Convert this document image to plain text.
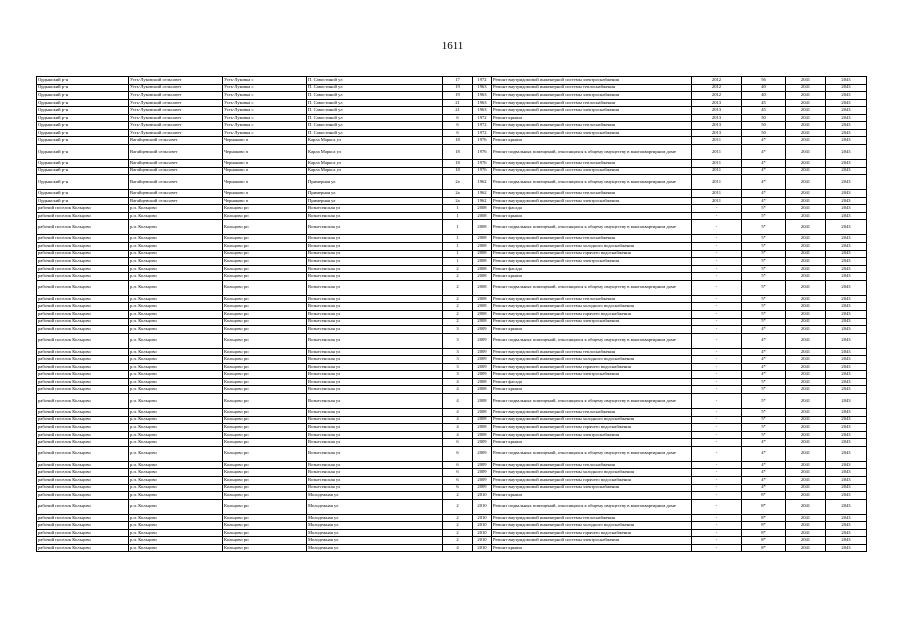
1611
Ордынский р-н	Усть-Луковский сельсовет	Усть-Луковка с	П. Савостиной ул	17	1972	Ремонт внутридомовой инженерной системы электроснабжения	2012	56	2041	2043
Ордынский р-н	Усть-Луковский сельсовет	Усть-Луковка с	П. Савостиной ул	19	1963	Ремонт внутридомовой инженерной системы теплоснабжения	2012	40	2041	2043
Ордынский р-н	Усть-Луковский сельсовет	Усть-Луковка с	П. Савостиной ул	19	1963	Ремонт внутридомовой инженерной системы электроснабжения	2012	40	2041	2043
Ордынский р-н	Усть-Луковский сельсовет	Усть-Луковка с	П. Савостиной ул	21	1963	Ремонт внутридомовой инженерной системы теплоснабжения	2013	45	2041	2043
Ордынский р-н	Усть-Луковский сельсовет	Усть-Луковка с	П. Савостиной ул	21	1963	Ремонт внутридомовой инженерной системы электроснабжения	2013	45	2041	2043
Ордынский р-н	Усть-Луковский сельсовет	Усть-Луковка с	П. Савостиной ул	6	1972	Ремонт крыши	2013	50	2041	2043
Ордынский р-н	Усть-Луковский сельсовет	Усть-Луковка с	П. Савостиной ул	6	1972	Ремонт внутридомовой инженерной системы теплоснабжения	2013	50	2041	2043
Ордынский р-н	Усть-Луковский сельсовет	Усть-Луковка с	П. Савостиной ул	6	1972	Ремонт внутридомовой инженерной системы электроснабжения	2013	50	2041	2043
Ордынский р-н	Вагайцевский сельсовет	Чернаково п	Карла Маркса ул	18	1976	Ремонт крыши	2011	4*	2041	2043
Ордынский р-н	Вагайцевский сельсовет	Чернаково п	Карла Маркса ул	18	1976	Ремонт подвальных помещений, относящихся к общему имуществу в многоквартирном доме	2011	4*	2041	2043
Ордынский р-н	Вагайцевский сельсовет	Чернаково п	Карла Маркса ул	18	1976	Ремонт внутридомовой инженерной системы теплоснабжения	2011	4*	2041	2043
Ордынский р-н	Вагайцевский сельсовет	Чернаково п	Карла Маркса ул	18	1976	Ремонт внутридомовой инженерной системы электроснабжения	2011	4*	2041	2043
Ордынский р-н	Вагайцевский сельсовет	Чернаково п	Примерная ул	2а	1962	Ремонт подвальных помещений, относящихся к общему имуществу в многоквартирном доме	2011	4*	2041	2043
Ордынский р-н	Вагайцевский сельсовет	Чернаково п	Примерная ул	2а	1962	Ремонт внутридомовой инженерной системы теплоснабжения	2011	4*	2041	2043
Ордынский р-н	Вагайцевский сельсовет	Чернаково п	Примерная ул	2а	1962	Ремонт внутридомовой инженерной системы электроснабжения	2011	4*	2041	2043
рабочий поселок Кольцово	р.п. Кольцово	Кольцово рп	Вознесенская ул	1	2008	Ремонт фасада	-	5*	2041	2043
рабочий поселок Кольцово	р.п. Кольцово	Кольцово рп	Вознесенская ул	1	2008	Ремонт крыши	-	5*	2041	2043
рабочий поселок Кольцово	р.п. Кольцово	Кольцово рп	Вознесенская ул	1	2008	Ремонт подвальных помещений, относящихся к общему имуществу в многоквартирном доме	-	5*	2041	2043
рабочий поселок Кольцово	р.п. Кольцово	Кольцово рп	Вознесенская ул	1	2008	Ремонт внутридомовой инженерной системы теплоснабжения	-	5*	2041	2043
рабочий поселок Кольцово	р.п. Кольцово	Кольцово рп	Вознесенская ул	1	2008	Ремонт внутридомовой инженерной системы холодного водоснабжения	-	5*	2041	2043
рабочий поселок Кольцово	р.п. Кольцово	Кольцово рп	Вознесенская ул	1	2008	Ремонт внутридомовой инженерной системы горячего водоснабжения	-	5*	2041	2043
рабочий поселок Кольцово	р.п. Кольцово	Кольцово рп	Вознесенская ул	1	2008	Ремонт внутридомовой инженерной системы электроснабжения	-	5*	2041	2043
рабочий поселок Кольцово	р.п. Кольцово	Кольцово рп	Вознесенская ул	2	2008	Ремонт фасада	-	5*	2041	2043
рабочий поселок Кольцово	р.п. Кольцово	Кольцово рп	Вознесенская ул	2	2008	Ремонт крыши	-	5*	2041	2043
рабочий поселок Кольцово	р.п. Кольцово	Кольцово рп	Вознесенская ул	2	2008	Ремонт подвальных помещений, относящихся к общему имуществу в многоквартирном доме	-	5*	2041	2043
рабочий поселок Кольцово	р.п. Кольцово	Кольцово рп	Вознесенская ул	2	2008	Ремонт внутридомовой инженерной системы теплоснабжения	-	5*	2041	2043
рабочий поселок Кольцово	р.п. Кольцово	Кольцово рп	Вознесенская ул	2	2008	Ремонт внутридомовой инженерной системы холодного водоснабжения	-	5*	2041	2043
рабочий поселок Кольцово	р.п. Кольцово	Кольцово рп	Вознесенская ул	2	2008	Ремонт внутридомовой инженерной системы горячего водоснабжения	-	5*	2041	2043
рабочий поселок Кольцово	р.п. Кольцово	Кольцово рп	Вознесенская ул	2	2008	Ремонт внутридомовой инженерной системы электроснабжения	-	5*	2041	2043
рабочий поселок Кольцово	р.п. Кольцово	Кольцово рп	Вознесенская ул	3	2009	Ремонт крыши	-	4*	2041	2043
рабочий поселок Кольцово	р.п. Кольцово	Кольцово рп	Вознесенская ул	3	2009	Ремонт подвальных помещений, относящихся к общему имуществу в многоквартирном доме	-	4*	2041	2043
рабочий поселок Кольцово	р.п. Кольцово	Кольцово рп	Вознесенская ул	3	2009	Ремонт внутридомовой инженерной системы теплоснабжения	-	4*	2041	2043
рабочий поселок Кольцово	р.п. Кольцово	Кольцово рп	Вознесенская ул	3	2009	Ремонт внутридомовой инженерной системы холодного водоснабжения	-	4*	2041	2043
рабочий поселок Кольцово	р.п. Кольцово	Кольцово рп	Вознесенская ул	3	2009	Ремонт внутридомовой инженерной системы горячего водоснабжения	-	4*	2041	2043
рабочий поселок Кольцово	р.п. Кольцово	Кольцово рп	Вознесенская ул	3	2009	Ремонт внутридомовой инженерной системы электроснабжения	-	4*	2041	2043
рабочий поселок Кольцово	р.п. Кольцово	Кольцово рп	Вознесенская ул	4	2008	Ремонт фасада	-	5*	2041	2043
рабочий поселок Кольцово	р.п. Кольцово	Кольцово рп	Вознесенская ул	4	2008	Ремонт крыши	-	5*	2041	2043
рабочий поселок Кольцово	р.п. Кольцово	Кольцово рп	Вознесенская ул	4	2008	Ремонт подвальных помещений, относящихся к общему имуществу в многоквартирном доме	-	5*	2041	2043
рабочий поселок Кольцово	р.п. Кольцово	Кольцово рп	Вознесенская ул	4	2008	Ремонт внутридомовой инженерной системы теплоснабжения	-	5*	2041	2043
рабочий поселок Кольцово	р.п. Кольцово	Кольцово рп	Вознесенская ул	4	2008	Ремонт внутридомовой инженерной системы холодного водоснабжения	-	5*	2041	2043
рабочий поселок Кольцово	р.п. Кольцово	Кольцово рп	Вознесенская ул	4	2008	Ремонт внутридомовой инженерной системы горячего водоснабжения	-	5*	2041	2043
рабочий поселок Кольцово	р.п. Кольцово	Кольцово рп	Вознесенская ул	4	2008	Ремонт внутридомовой инженерной системы электроснабжения	-	5*	2041	2043
рабочий поселок Кольцово	р.п. Кольцово	Кольцово рп	Вознесенская ул	6	2009	Ремонт крыши	-	4*	2041	2043
рабочий поселок Кольцово	р.п. Кольцово	Кольцово рп	Вознесенская ул	6	2009	Ремонт подвальных помещений, относящихся к общему имуществу в многоквартирном доме	-	4*	2041	2043
рабочий поселок Кольцово	р.п. Кольцово	Кольцово рп	Вознесенская ул	6	2009	Ремонт внутридомовой инженерной системы теплоснабжения	-	4*	2041	2043
рабочий поселок Кольцово	р.п. Кольцово	Кольцово рп	Вознесенская ул	6	2009	Ремонт внутридомовой инженерной системы холодного водоснабжения	-	4*	2041	2043
рабочий поселок Кольцово	р.п. Кольцово	Кольцово рп	Вознесенская ул	6	2009	Ремонт внутридомовой инженерной системы горячего водоснабжения	-	4*	2041	2043
рабочий поселок Кольцово	р.п. Кольцово	Кольцово рп	Вознесенская ул	6	2009	Ремонт внутридомовой инженерной системы электроснабжения	-	4*	2041	2043
рабочий поселок Кольцово	р.п. Кольцово	Кольцово рп	Молодежная ул	2	2010	Ремонт крыши	-	8*	2041	2043
рабочий поселок Кольцово	р.п. Кольцово	Кольцово рп	Молодежная ул	2	2010	Ремонт подвальных помещений, относящихся к общему имуществу в многоквартирном доме	-	8*	2041	2043
рабочий поселок Кольцово	р.п. Кольцово	Кольцово рп	Молодежная ул	2	2010	Ремонт внутридомовой инженерной системы теплоснабжения	-	8*	2041	2043
рабочий поселок Кольцово	р.п. Кольцово	Кольцово рп	Молодежная ул	2	2010	Ремонт внутридомовой инженерной системы холодного водоснабжения	-	8*	2041	2043
рабочий поселок Кольцово	р.п. Кольцово	Кольцово рп	Молодежная ул	2	2010	Ремонт внутридомовой инженерной системы горячего водоснабжения	-	8*	2041	2043
рабочий поселок Кольцово	р.п. Кольцово	Кольцово рп	Молодежная ул	2	2010	Ремонт внутридомовой инженерной системы электроснабжения	-	8*	2041	2043
рабочий поселок Кольцово	р.п. Кольцово	Кольцово рп	Молодежная ул	4	2010	Ремонт крыши	-	8*	2041	2043
